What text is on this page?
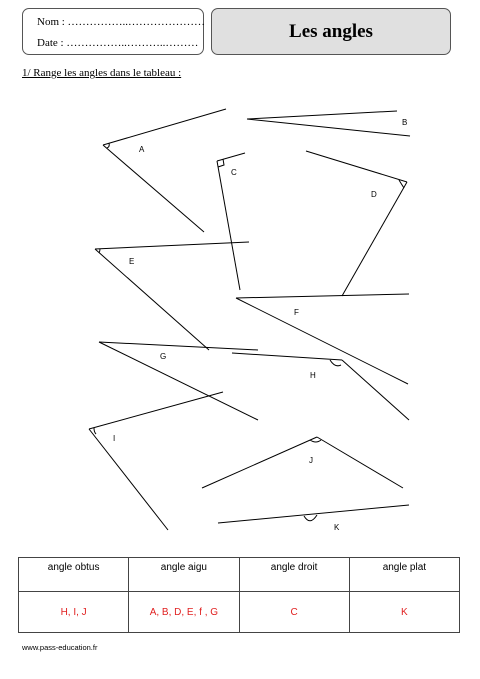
Nom : ……………..…………………
Date : ……………..………..………
Les angles
1/ Range les angles dans le tableau :
A
B
C
D
E
F
G
H
I
J
K
angle obtus	angle aigu	angle droit	angle plat
H, I, J	A, B, D, E, f , G	C	K
www.pass-education.fr
